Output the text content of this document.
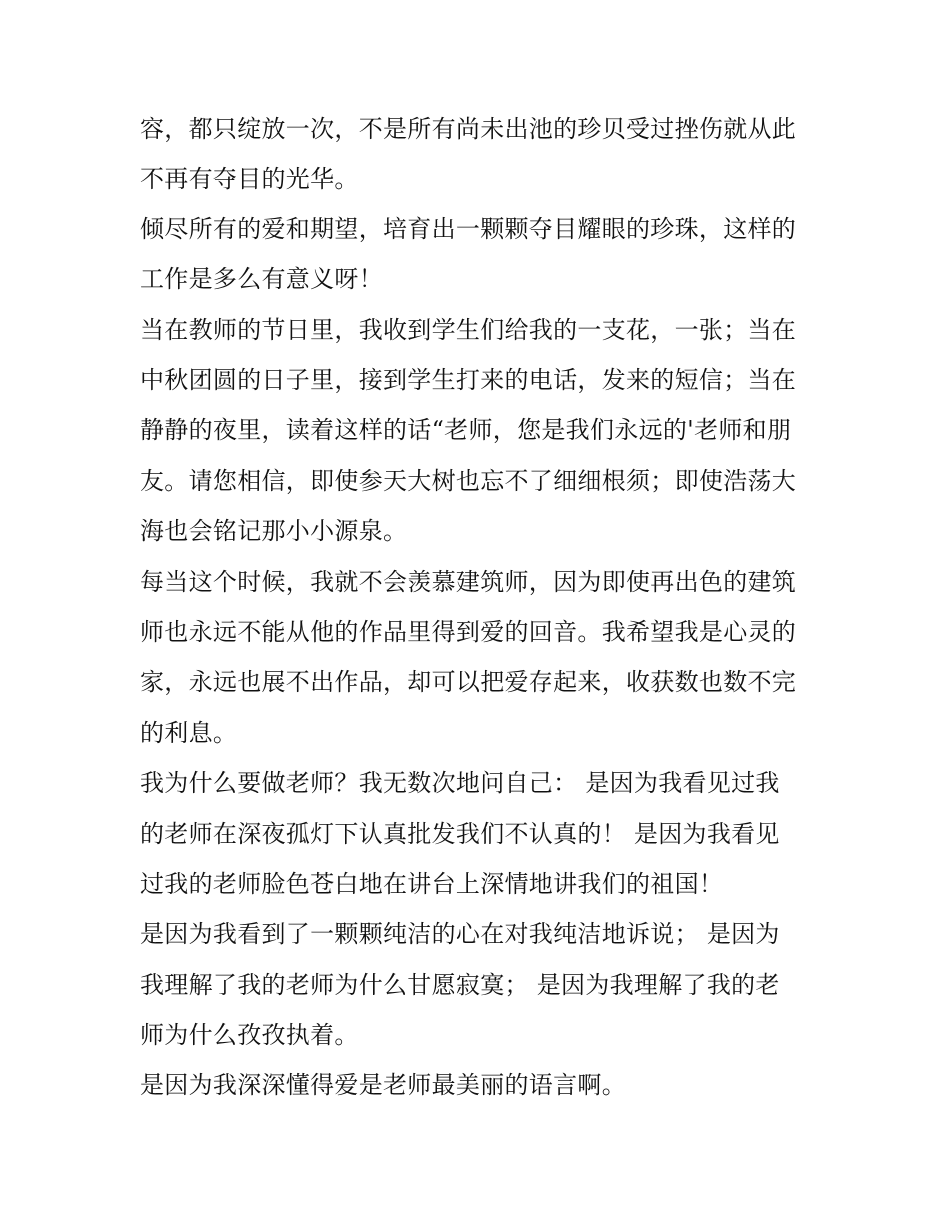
容，都只绽放一次，不是所有尚未出池的珍贝受过挫伤就从此
不再有夺目的光华。
倾尽所有的爱和期望，培育出一颗颗夺目耀眼的珍珠，这样的
工作是多么有意义呀！
当在教师的节日里，我收到学生们给我的一支花，一张；当在
中秋团圆的日子里，接到学生打来的电话，发来的短信；当在
静静的夜里，读着这样的话“老师，您是我们永远的'老师和朋
友。请您相信，即使参天大树也忘不了细细根须；即使浩荡大
海也会铭记那小小源泉。
每当这个时候，我就不会羡慕建筑师，因为即使再出色的建筑
师也永远不能从他的作品里得到爱的回音。我希望我是心灵的
家，永远也展不出作品，却可以把爱存起来，收获数也数不完
的利息。
我为什么要做老师？我无数次地问自己： 是因为我看见过我
的老师在深夜孤灯下认真批发我们不认真的！ 是因为我看见
过我的老师脸色苍白地在讲台上深情地讲我们的祖国！
是因为我看到了一颗颗纯洁的心在对我纯洁地诉说； 是因为
我理解了我的老师为什么甘愿寂寞； 是因为我理解了我的老
师为什么孜孜执着。
是因为我深深懂得爱是老师最美丽的语言啊。
